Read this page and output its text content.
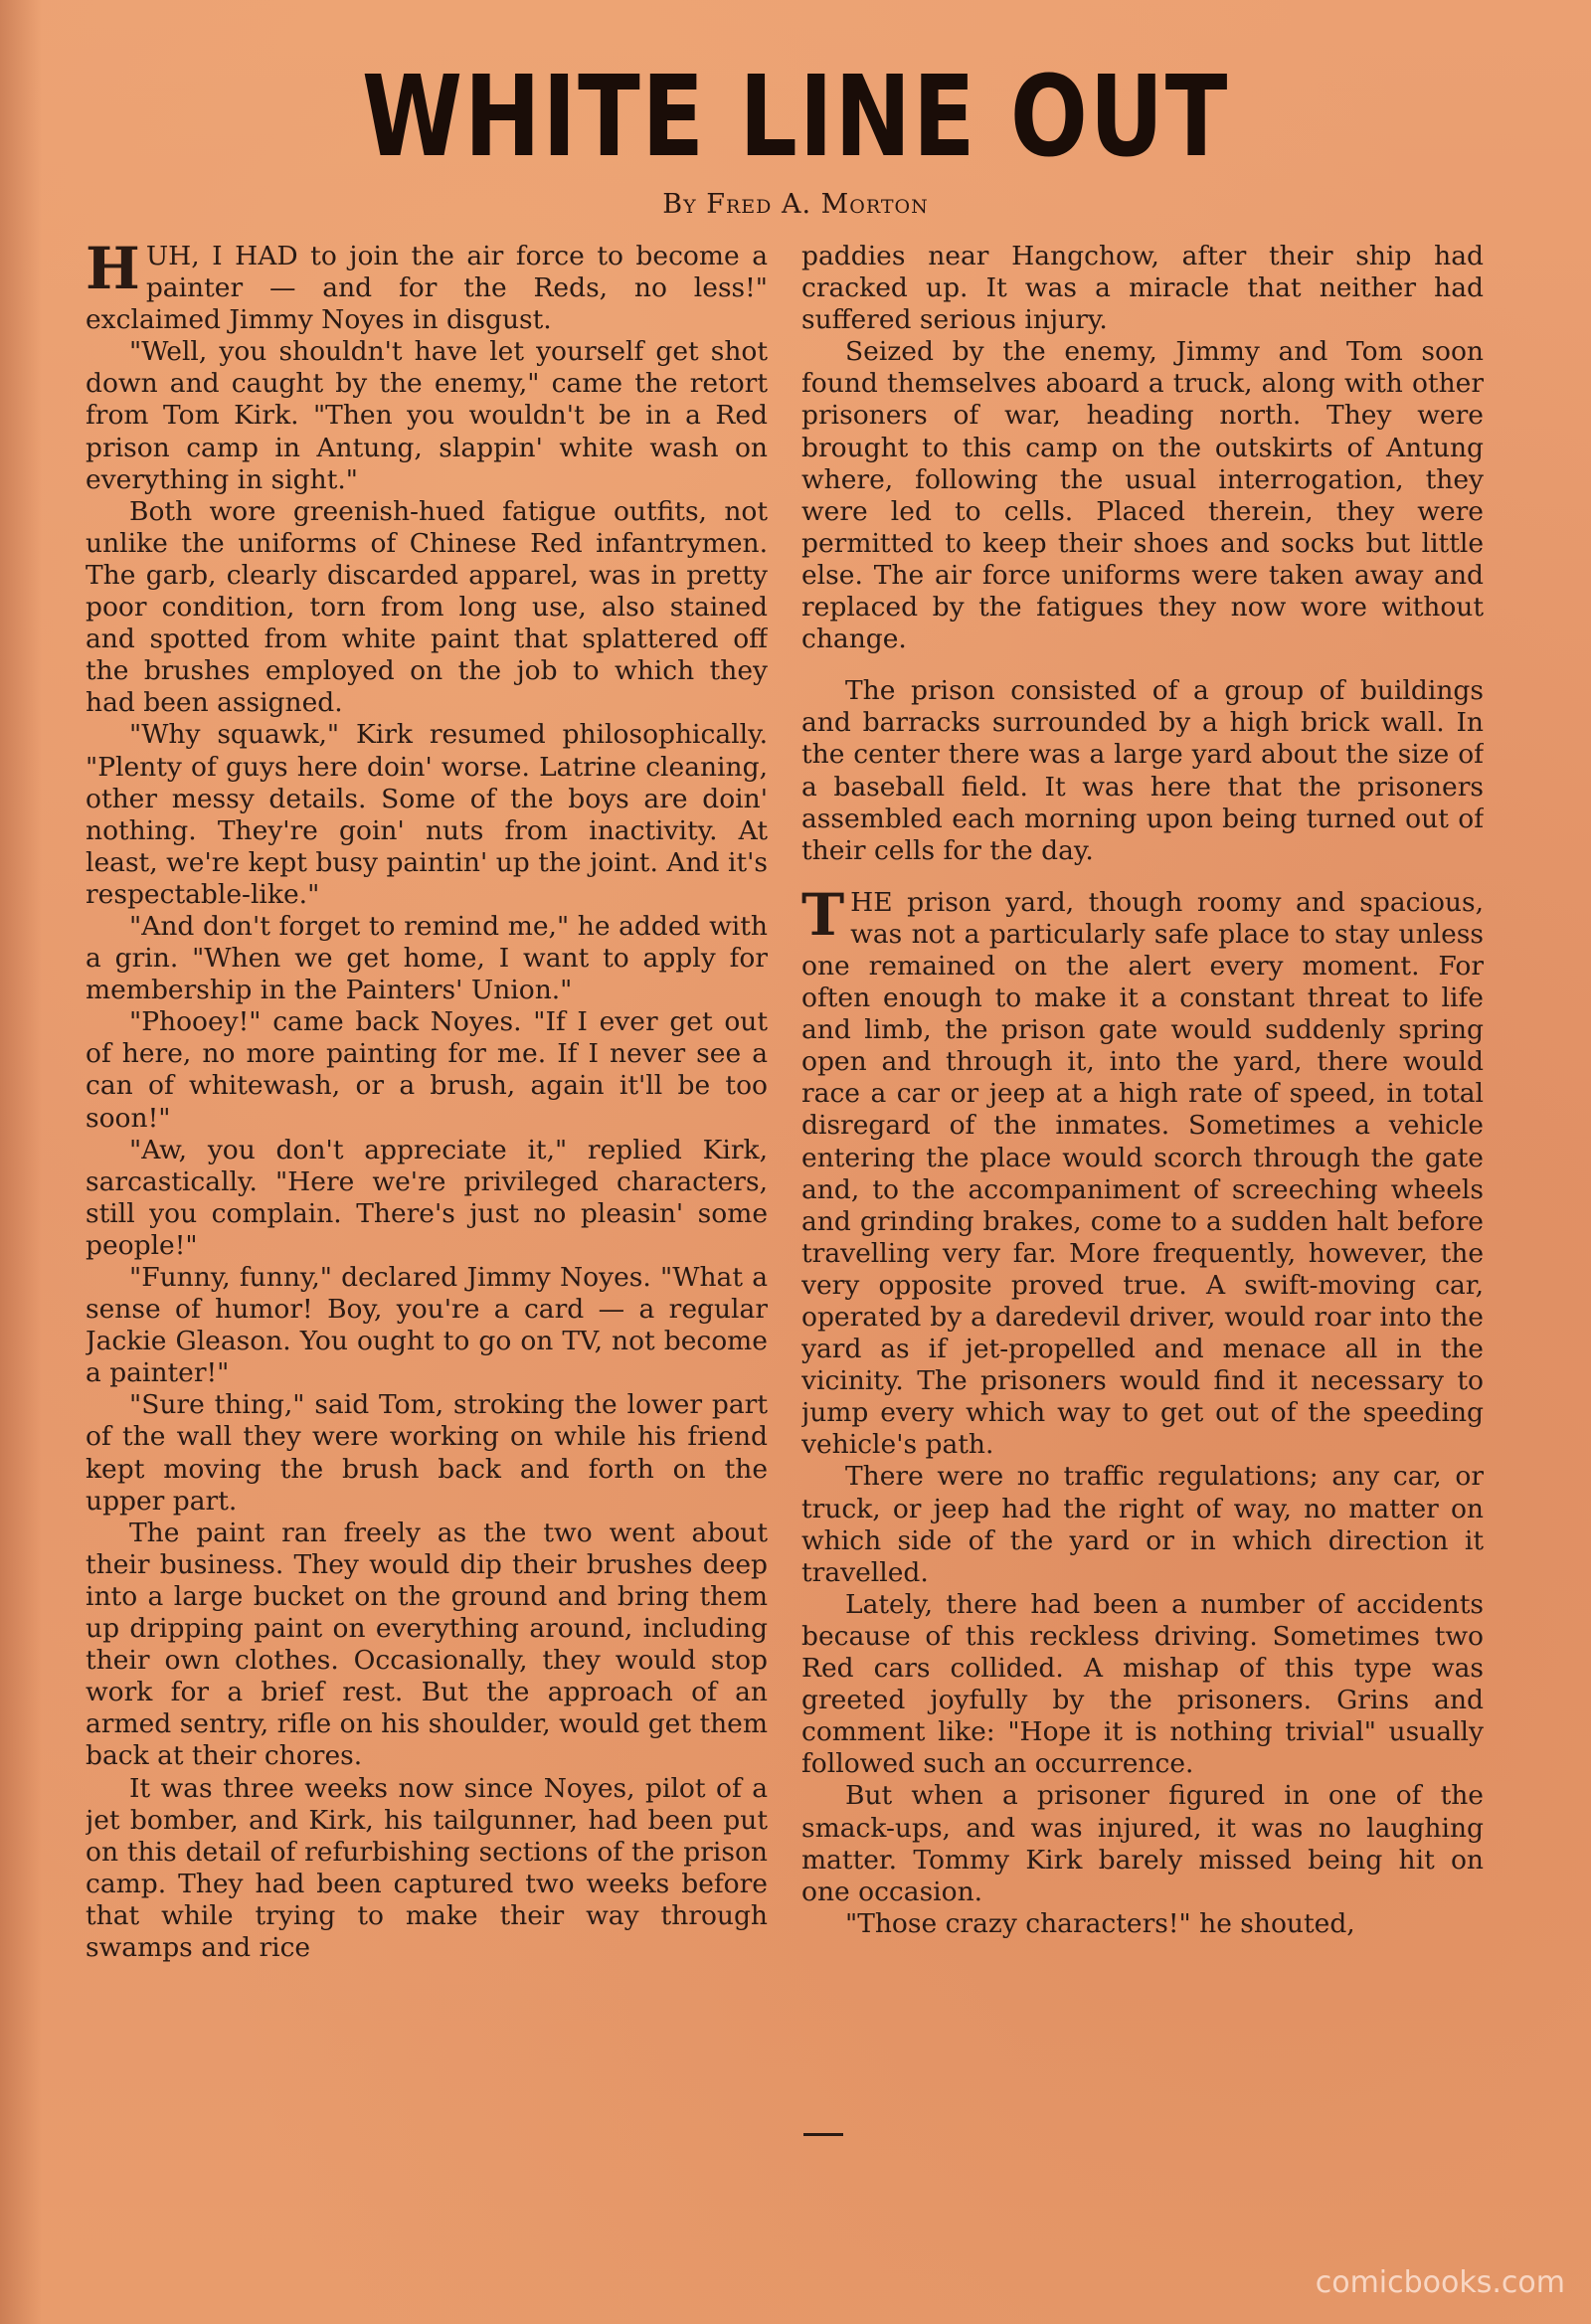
WHITE LINE OUT

By Fred A. Morton

HUH, I HAD to join the air force to become a painter — and for the Reds, no less!" exclaimed Jimmy Noyes in disgust.

"Well, you shouldn't have let yourself get shot down and caught by the enemy," came the retort from Tom Kirk. "Then you wouldn't be in a Red prison camp in Antung, slappin' white wash on everything in sight."

Both wore greenish-hued fatigue outfits, not unlike the uniforms of Chinese Red infantrymen. The garb, clearly discarded apparel, was in pretty poor condition, torn from long use, also stained and spotted from white paint that splattered off the brushes employed on the job to which they had been assigned.

"Why squawk," Kirk resumed philosophically. "Plenty of guys here doin' worse. Latrine cleaning, other messy details. Some of the boys are doin' nothing. They're goin' nuts from inactivity. At least, we're kept busy paintin' up the joint. And it's respectable-like."

"And don't forget to remind me," he added with a grin. "When we get home, I want to apply for membership in the Painters' Union."

"Phooey!" came back Noyes. "If I ever get out of here, no more painting for me. If I never see a can of whitewash, or a brush, again it'll be too soon!"

"Aw, you don't appreciate it," replied Kirk, sarcastically. "Here we're privileged characters, still you complain. There's just no pleasin' some people!"

"Funny, funny," declared Jimmy Noyes. "What a sense of humor! Boy, you're a card — a regular Jackie Gleason. You ought to go on TV, not become a painter!"

"Sure thing," said Tom, stroking the lower part of the wall they were working on while his friend kept moving the brush back and forth on the upper part.

The paint ran freely as the two went about their business. They would dip their brushes deep into a large bucket on the ground and bring them up dripping paint on everything around, including their own clothes. Occasionally, they would stop work for a brief rest. But the approach of an armed sentry, rifle on his shoulder, would get them back at their chores.

It was three weeks now since Noyes, pilot of a jet bomber, and Kirk, his tailgunner, had been put on this detail of refurbishing sections of the prison camp. They had been captured two weeks before that while trying to make their way through swamps and rice

paddies near Hangchow, after their ship had cracked up. It was a miracle that neither had suffered serious injury.

Seized by the enemy, Jimmy and Tom soon found themselves aboard a truck, along with other prisoners of war, heading north. They were brought to this camp on the outskirts of Antung where, following the usual interrogation, they were led to cells. Placed therein, they were permitted to keep their shoes and socks but little else. The air force uniforms were taken away and replaced by the fatigues they now wore without change.

The prison consisted of a group of buildings and barracks surrounded by a high brick wall. In the center there was a large yard about the size of a baseball field. It was here that the prisoners assembled each morning upon being turned out of their cells for the day.

THE prison yard, though roomy and spacious, was not a particularly safe place to stay unless one remained on the alert every moment. For often enough to make it a constant threat to life and limb, the prison gate would suddenly spring open and through it, into the yard, there would race a car or jeep at a high rate of speed, in total disregard of the inmates. Sometimes a vehicle entering the place would scorch through the gate and, to the accompaniment of screeching wheels and grinding brakes, come to a sudden halt before travelling very far. More frequently, however, the very opposite proved true. A swift-moving car, operated by a daredevil driver, would roar into the yard as if jet-propelled and menace all in the vicinity. The prisoners would find it necessary to jump every which way to get out of the speeding vehicle's path.

There were no traffic regulations; any car, or truck, or jeep had the right of way, no matter on which side of the yard or in which direction it travelled.

Lately, there had been a number of accidents because of this reckless driving. Sometimes two Red cars collided. A mishap of this type was greeted joyfully by the prisoners. Grins and comment like: "Hope it is nothing trivial" usually followed such an occurrence.

But when a prisoner figured in one of the smack-ups, and was injured, it was no laughing matter. Tommy Kirk barely missed being hit on one occasion.

"Those crazy characters!" he shouted,

comicbooks.com
